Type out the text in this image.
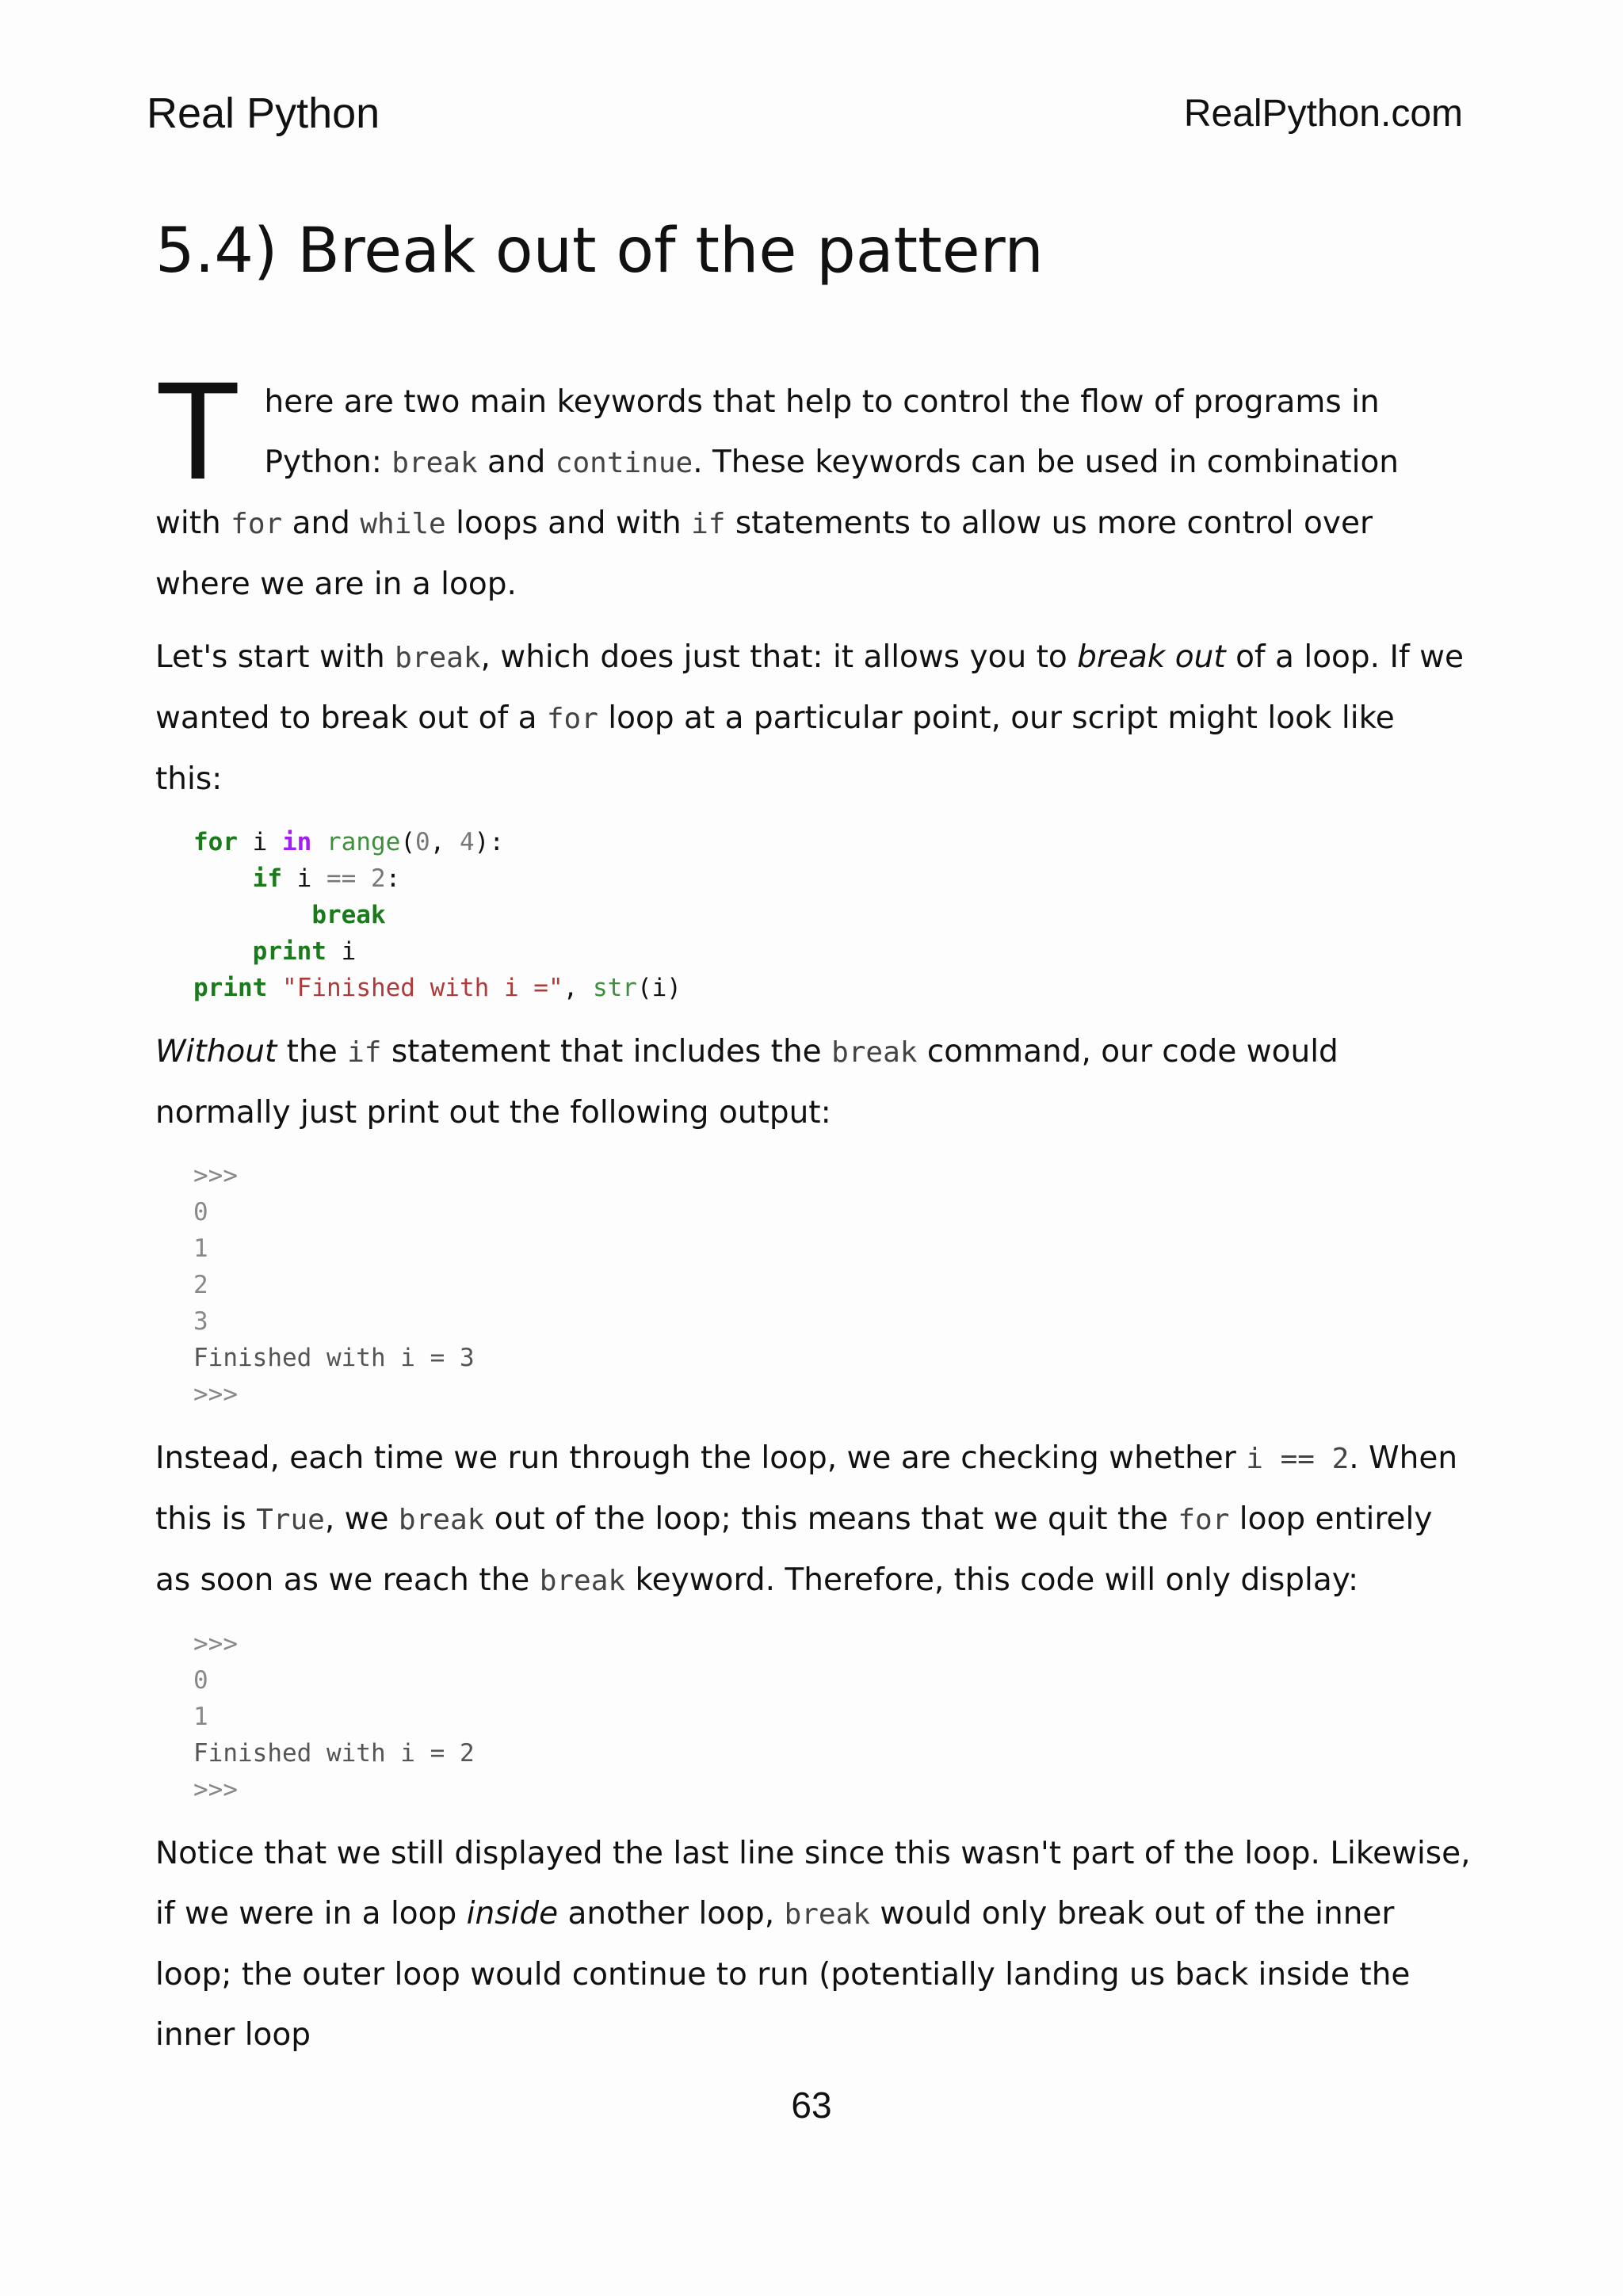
Real Python	RealPython.com
5.4) Break out of the pattern

There are two main keywords that help to control the flow of programs in Python: break and continue. These keywords can be used in combination with for and while loops and with if statements to allow us more control over where we are in a loop.

Let's start with break, which does just that: it allows you to break out of a loop. If we wanted to break out of a for loop at a particular point, our script might look like this:

for i in range(0, 4):
if i == 2:
break
print i
print "Finished with i =", str(i)

Without the if statement that includes the break command, our code would normally just print out the following output:

>>>
0
1
2
3
Finished with i = 3
>>>

Instead, each time we run through the loop, we are checking whether i == 2. When this is True, we break out of the loop; this means that we quit the for loop entirely as soon as we reach the break keyword. Therefore, this code will only display:

>>>
0
1
Finished with i = 2
>>>

Notice that we still displayed the last line since this wasn't part of the loop. Likewise, if we were in a loop inside another loop, break would only break out of the inner loop; the outer loop would continue to run (potentially landing us back inside the inner loop

63
